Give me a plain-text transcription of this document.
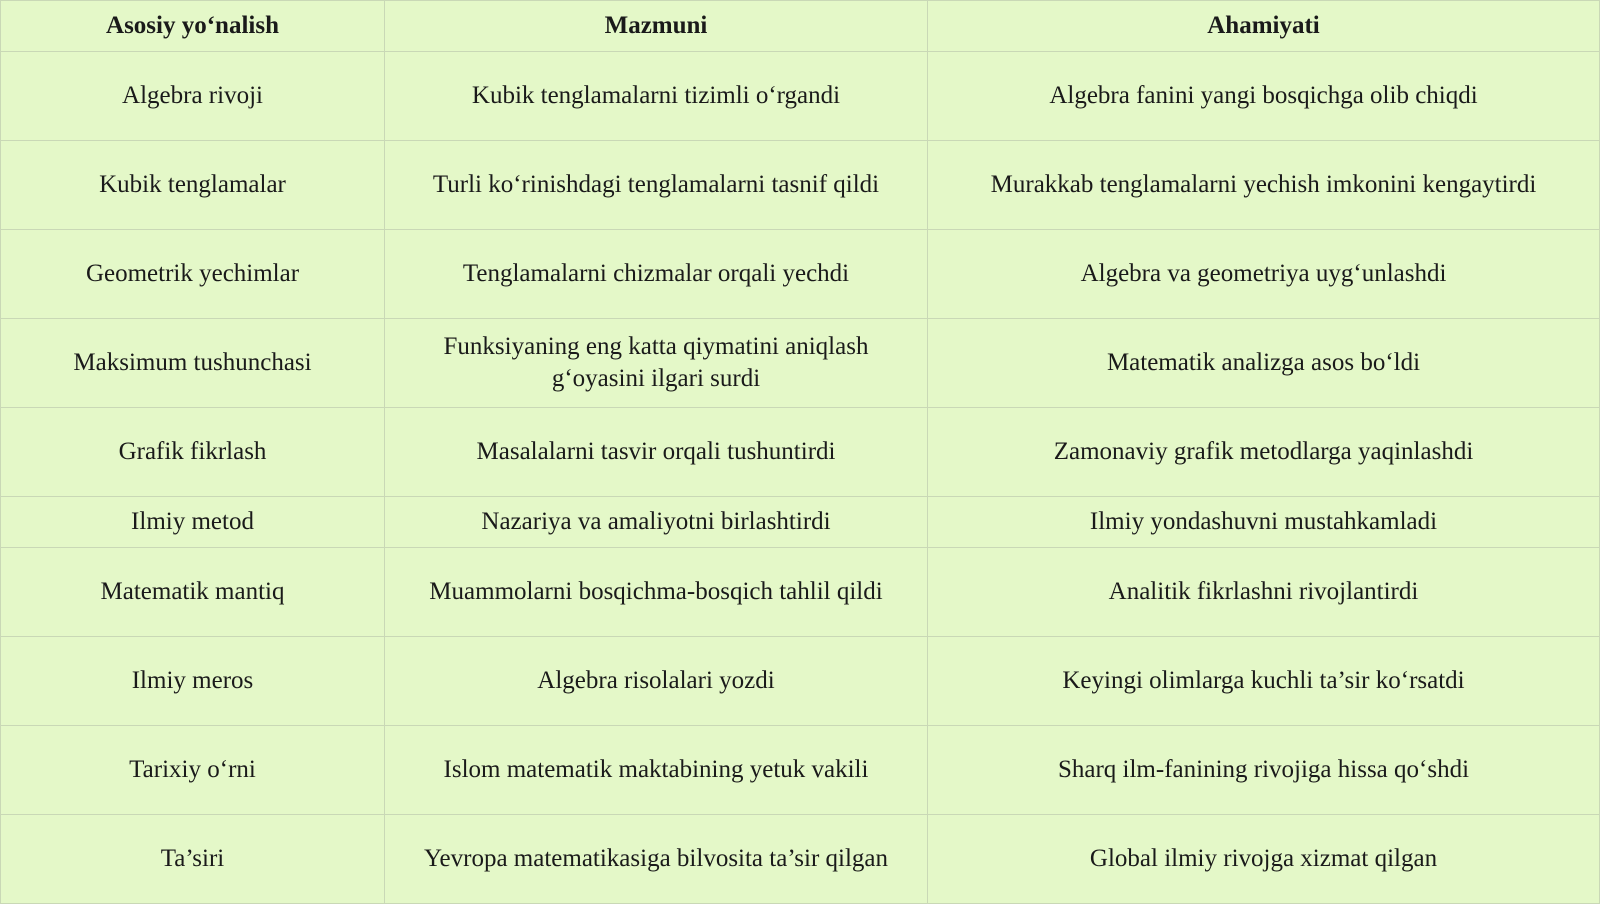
Asosiy yo‘nalish	Mazmuni	Ahamiyati
Algebra rivoji	Kubik tenglamalarni tizimli o‘rgandi	Algebra fanini yangi bosqichga olib chiqdi
Kubik tenglamalar	Turli ko‘rinishdagi tenglamalarni tasnif qildi	Murakkab tenglamalarni yechish imkonini kengaytirdi
Geometrik yechimlar	Tenglamalarni chizmalar orqali yechdi	Algebra va geometriya uyg‘unlashdi
Maksimum tushunchasi	Funksiyaning eng katta qiymatini aniqlash g‘oyasini ilgari surdi	Matematik analizga asos bo‘ldi
Grafik fikrlash	Masalalarni tasvir orqali tushuntirdi	Zamonaviy grafik metodlarga yaqinlashdi
Ilmiy metod	Nazariya va amaliyotni birlashtirdi	Ilmiy yondashuvni mustahkamladi
Matematik mantiq	Muammolarni bosqichma-bosqich tahlil qildi	Analitik fikrlashni rivojlantirdi
Ilmiy meros	Algebra risolalari yozdi	Keyingi olimlarga kuchli ta’sir ko‘rsatdi
Tarixiy o‘rni	Islom matematik maktabining yetuk vakili	Sharq ilm-fanining rivojiga hissa qo‘shdi
Ta’siri	Yevropa matematikasiga bilvosita ta’sir qilgan	Global ilmiy rivojga xizmat qilgan
